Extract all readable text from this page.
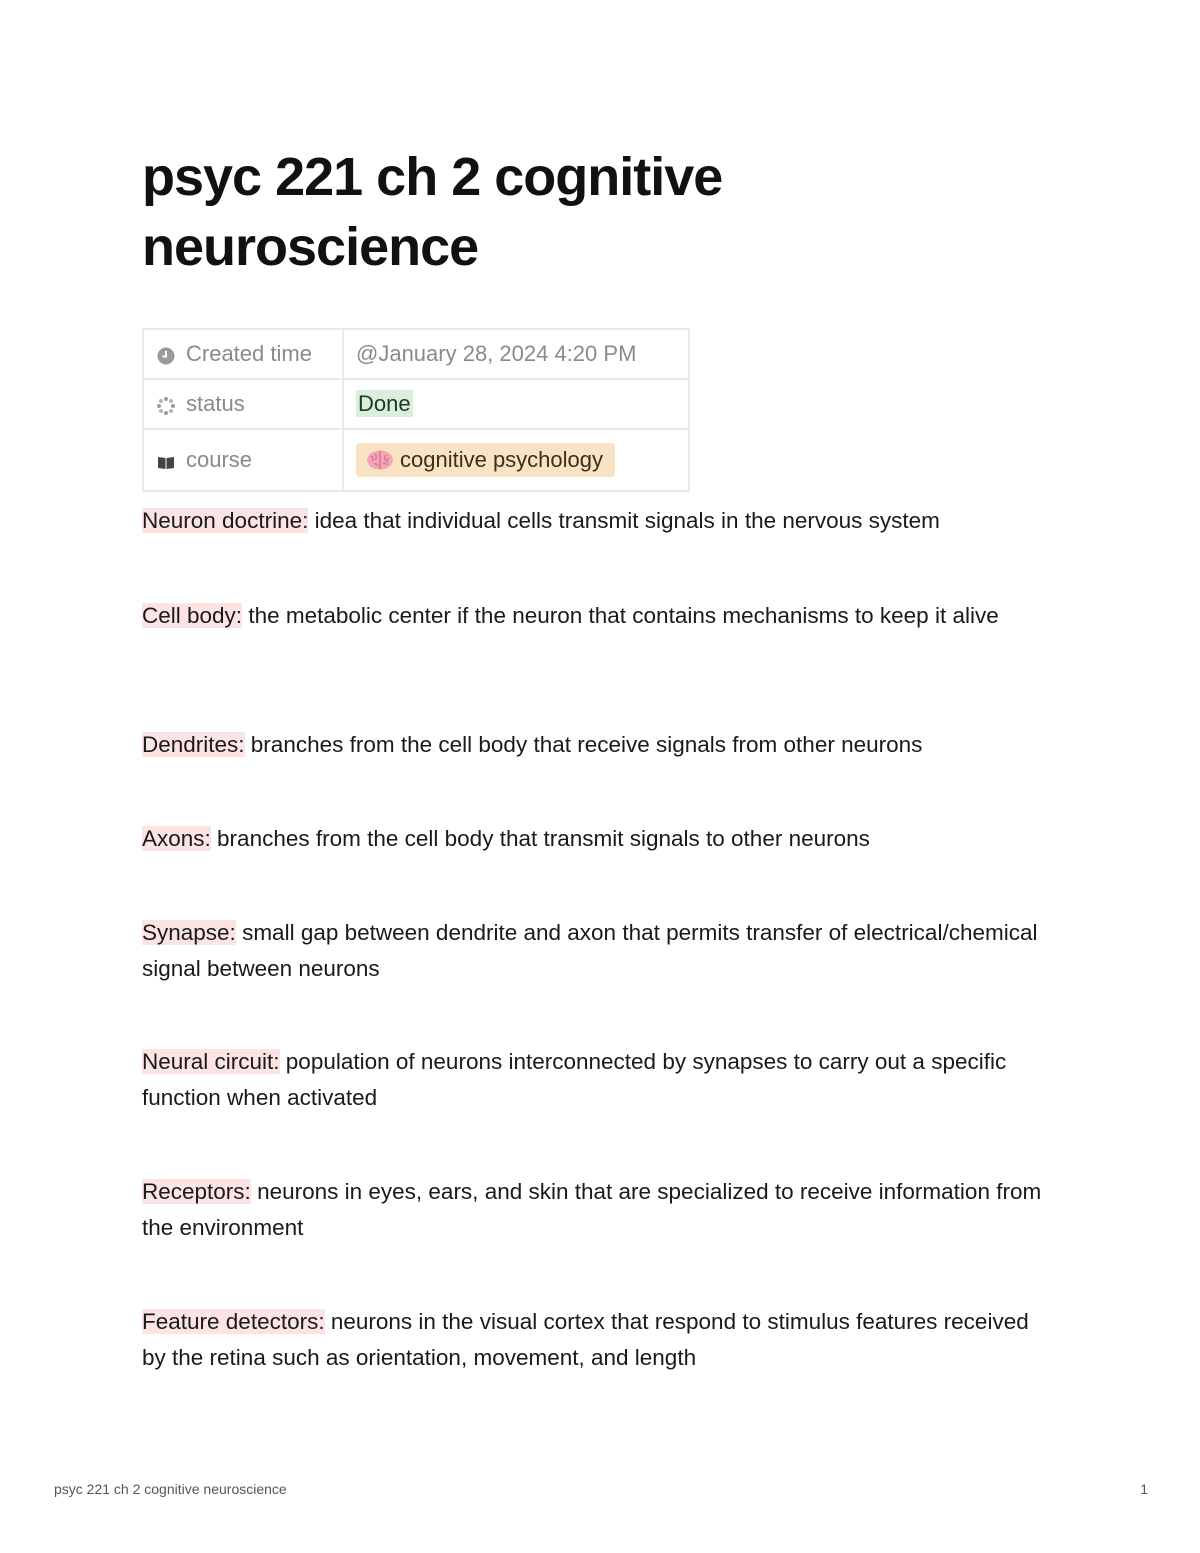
psyc 221 ch 2 cognitive neuroscience
Created time	@January 28, 2024 4:20 PM

status	Done

course	cognitive psychology

Neuron doctrine: idea that individual cells transmit signals in the nervous system

Cell body: the metabolic center if the neuron that contains mechanisms to keep it alive

Dendrites: branches from the cell body that receive signals from other neurons

Axons: branches from the cell body that transmit signals to other neurons

Synapse: small gap between dendrite and axon that permits transfer of electrical/chemical signal between neurons

Neural circuit: population of neurons interconnected by synapses to carry out a specific function when activated

Receptors: neurons in eyes, ears, and skin that are specialized to receive information from the environment

Feature detectors: neurons in the visual cortex that respond to stimulus features received by the retina such as orientation, movement, and length

psyc 221 ch 2 cognitive neuroscience	1
